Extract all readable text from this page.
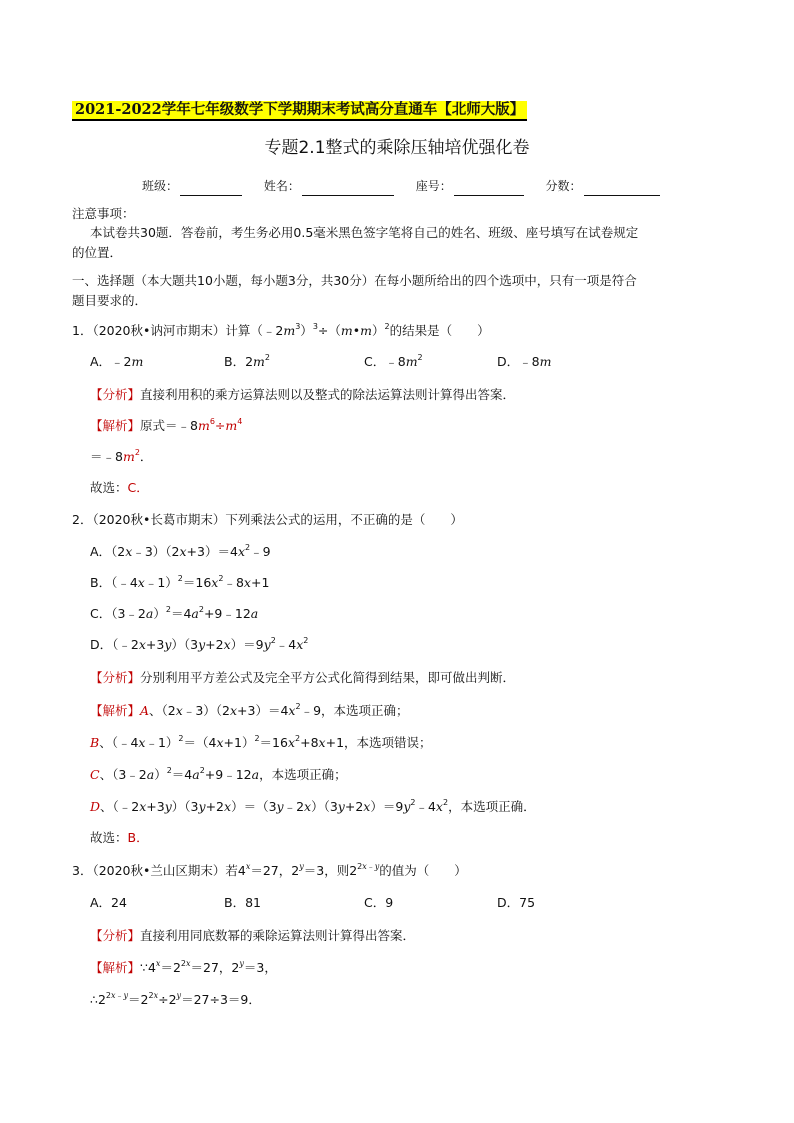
2021-2022学年七年级数学下学期期末考试高分直通车【北师大版】
专题2.1整式的乘除压轴培优强化卷
班级：	姓名：	座号：	分数：
注意事项：
本试卷共30题．答卷前，考生务必用0.5毫米黑色签字笔将自己的姓名、班级、座号填写在试卷规定
的位置．
一、选择题（本大题共10小题，每小题3分，共30分）在每小题所给出的四个选项中，只有一项是符合
题目要求的．
1．（2020秋•讷河市期末）计算$(﹣2m^3)^3\div(m•m)^2$的结果是（　　）
A．﹣2m	B．$2m^2$	C．$﹣8m^2$	D．﹣8m
【分析】直接利用积的乘方运算法则以及整式的除法运算法则计算得出答案．
【解析】原式$=﹣8m^6\div m^4$
$=﹣8m^2$．
故选：C．
2．（2020秋•长葛市期末）下列乘法公式的运用，不正确的是（　　）
A．$(2x﹣3)(2x+3)=4x^2﹣9$
B．$(﹣4x﹣1)^2=16x^2﹣8x+1$
C．$(3﹣2a)^2=4a^2+9﹣12a$
D．$(﹣2x+3y)(3y+2x)=9y^2﹣4x^2$
【分析】分别利用平方差公式及完全平方公式化简得到结果，即可做出判断．
【解析】A、$(2x﹣3)(2x+3)=4x^2﹣9$，本选项正确；
B、$(﹣4x﹣1)^2=(4x+1)^2=16x^2+8x+1$，本选项错误；
C、$(3﹣2a)^2=4a^2+9﹣12a$，本选项正确；
D、$(﹣2x+3y)(3y+2x)=(3y﹣2x)(3y+2x)=9y^2﹣4x^2$，本选项正确．
故选：B．
3．（2020秋•兰山区期末）若$4^x=27$，$2^y=3$，则$2^{2x﹣y}$的值为（　　）
A．24	B．81	C．9	D．75
【分析】直接利用同底数幂的乘除运算法则计算得出答案．
【解析】$\because 4^x=2^{2x}=27$，$2^y=3$，
$\therefore 2^{2x﹣y}=2^{2x}\div 2^y=27\div 3=9$．
